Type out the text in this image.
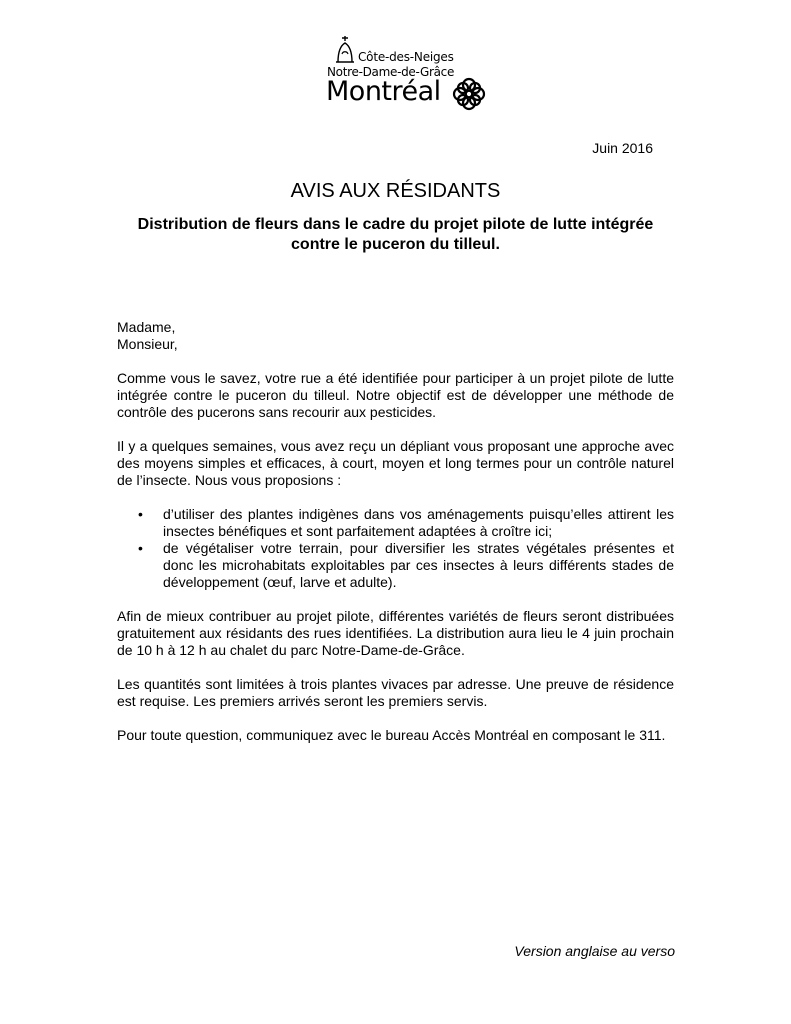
Côte-des-Neiges
Notre-Dame-de-Grâce
Montréal
Juin 2016
AVIS AUX RÉSIDANTS
Distribution de fleurs dans le cadre du projet pilote de lutte intégrée contre le puceron du tilleul.

Madame,
Monsieur,

Comme vous le savez, votre rue a été identifiée pour participer à un projet pilote de lutte intégrée contre le puceron du tilleul. Notre objectif est de développer une méthode de contrôle des pucerons sans recourir aux pesticides.

Il y a quelques semaines, vous avez reçu un dépliant vous proposant une approche avec des moyens simples et efficaces, à court, moyen et long termes pour un contrôle naturel de l’insecte. Nous vous proposions :

• d’utiliser des plantes indigènes dans vos aménagements puisqu’elles attirent les insectes bénéfiques et sont parfaitement adaptées à croître ici;
• de végétaliser votre terrain, pour diversifier les strates végétales présentes et donc les microhabitats exploitables par ces insectes à leurs différents stades de développement (œuf, larve et adulte).

Afin de mieux contribuer au projet pilote, différentes variétés de fleurs seront distribuées gratuitement aux résidants des rues identifiées. La distribution aura lieu le 4 juin prochain de 10 h à 12 h au chalet du parc Notre-Dame-de-Grâce.

Les quantités sont limitées à trois plantes vivaces par adresse. Une preuve de résidence est requise. Les premiers arrivés seront les premiers servis.

Pour toute question, communiquez avec le bureau Accès Montréal en composant le 311.

Version anglaise au verso
